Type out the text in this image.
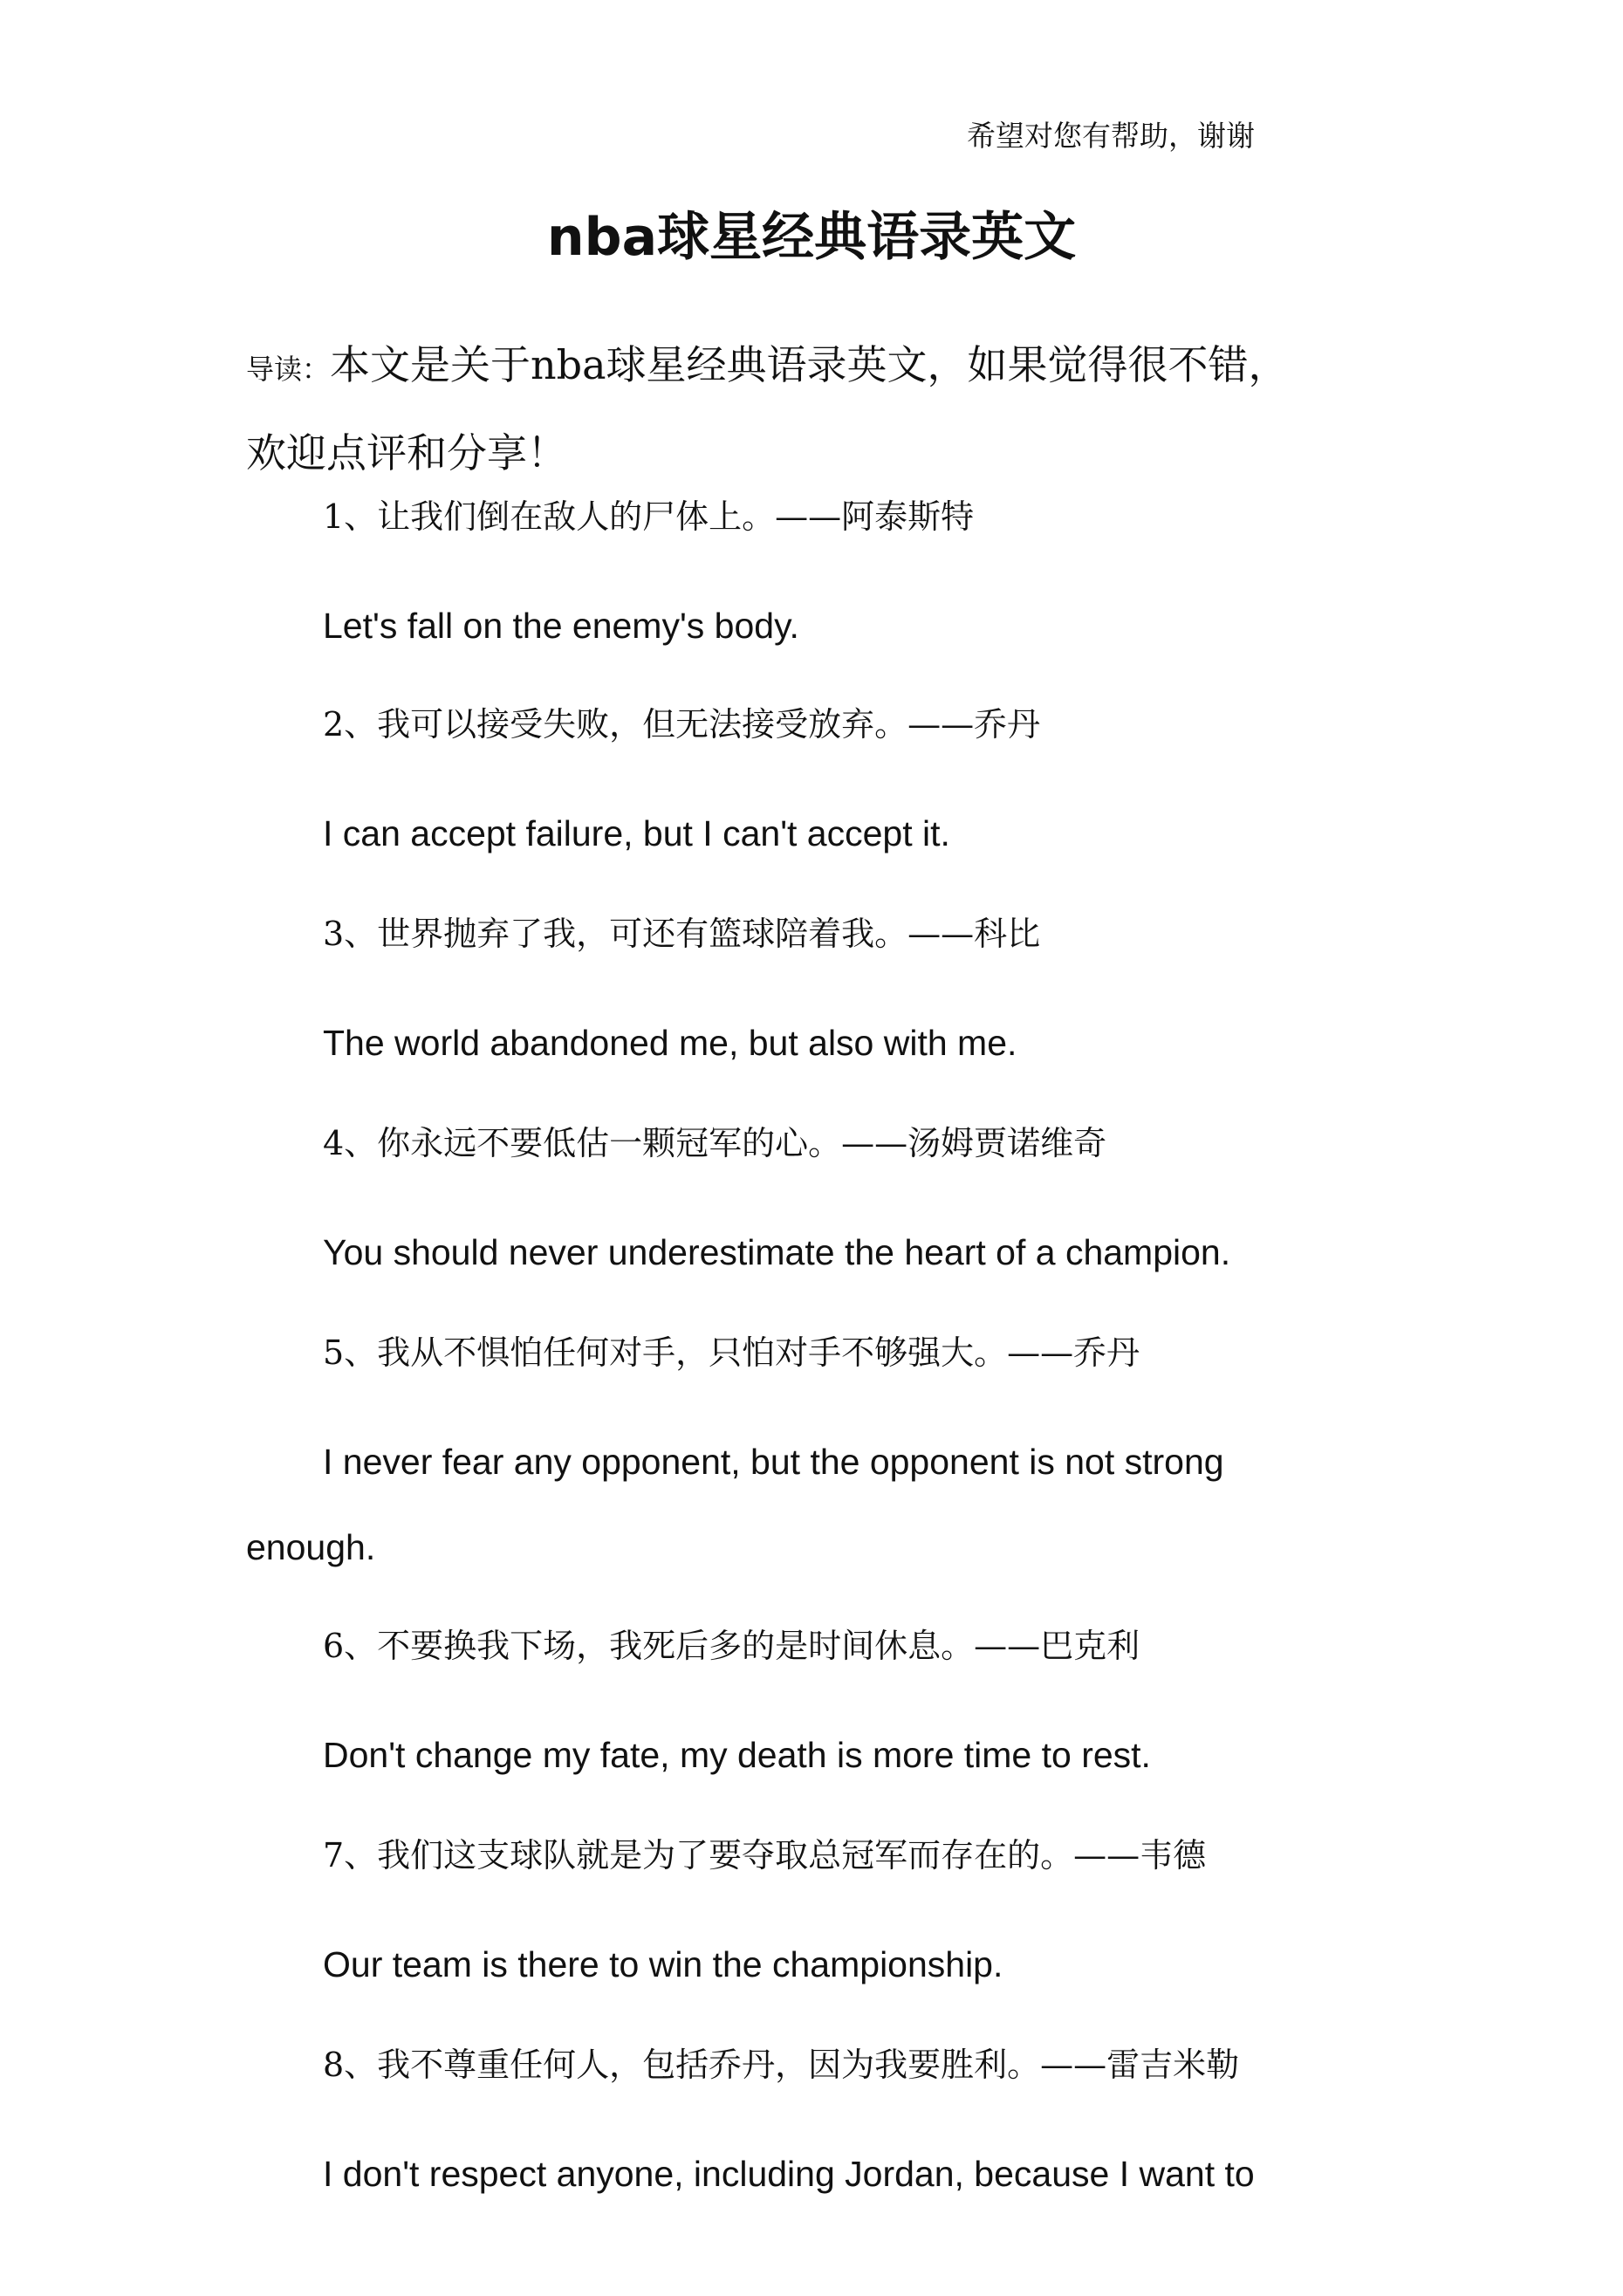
希望对您有帮助，谢谢
nba球星经典语录英文
导读：本文是关于nba球星经典语录英文，如果觉得很不错，
欢迎点评和分享！
1、让我们倒在敌人的尸体上。——阿泰斯特
Let's fall on the enemy's body.
2、我可以接受失败，但无法接受放弃。——乔丹
I can accept failure, but I can't accept it.
3、世界抛弃了我，可还有篮球陪着我。——科比
The world abandoned me, but also with me.
4、你永远不要低估一颗冠军的心。——汤姆贾诺维奇
You should never underestimate the heart of a champion.
5、我从不惧怕任何对手，只怕对手不够强大。——乔丹
I never fear any opponent, but the opponent is not strong
enough.
6、不要换我下场，我死后多的是时间休息。——巴克利
Don't change my fate, my death is more time to rest.
7、我们这支球队就是为了要夺取总冠军而存在的。——韦德
Our team is there to win the championship.
8、我不尊重任何人，包括乔丹，因为我要胜利。——雷吉米勒
I don't respect anyone, including Jordan, because I want to
